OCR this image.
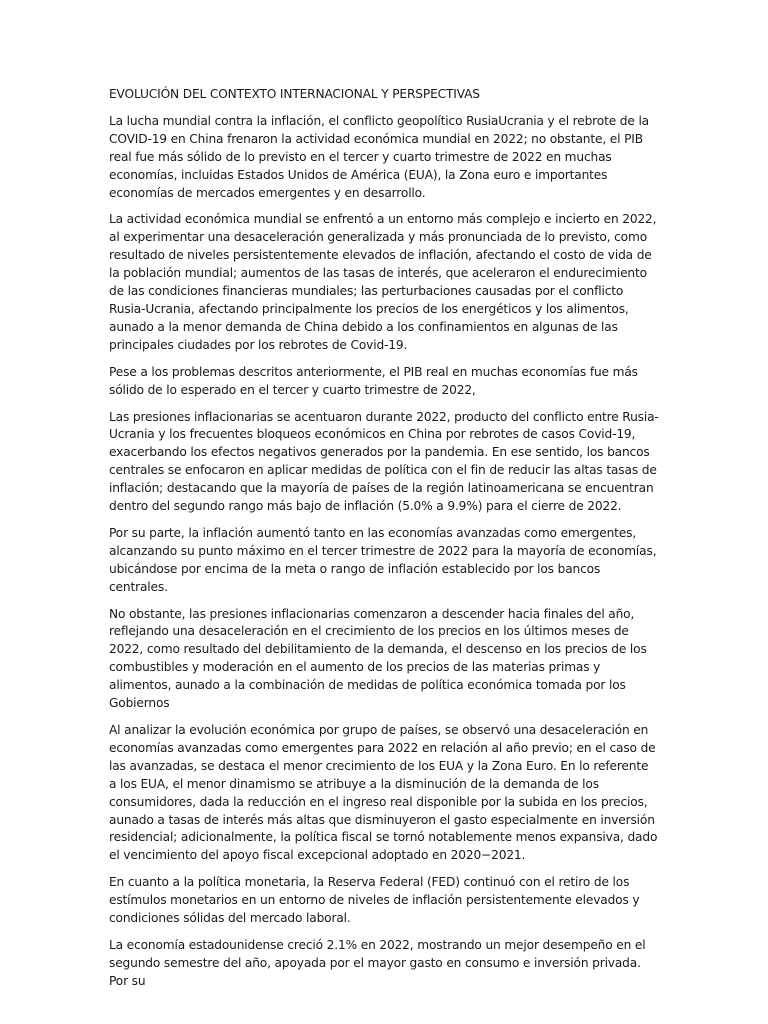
EVOLUCIÓN DEL CONTEXTO INTERNACIONAL Y PERSPECTIVAS

La lucha mundial contra la inflación, el conflicto geopolítico RusiaUcrania y el rebrote de la COVID-19 en China frenaron la actividad económica mundial en 2022; no obstante, el PIB real fue más sólido de lo previsto en el tercer y cuarto trimestre de 2022 en muchas economías, incluidas Estados Unidos de América (EUA), la Zona euro e importantes economías de mercados emergentes y en desarrollo.

La actividad económica mundial se enfrentó a un entorno más complejo e incierto en 2022, al experimentar una desaceleración generalizada y más pronunciada de lo previsto, como resultado de niveles persistentemente elevados de inflación, afectando el costo de vida de la población mundial; aumentos de las tasas de interés, que aceleraron el endurecimiento de las condiciones financieras mundiales; las perturbaciones causadas por el conflicto Rusia-Ucrania, afectando principalmente los precios de los energéticos y los alimentos, aunado a la menor demanda de China debido a los confinamientos en algunas de las principales ciudades por los rebrotes de Covid-19.

Pese a los problemas descritos anteriormente, el PIB real en muchas economías fue más sólido de lo esperado en el tercer y cuarto trimestre de 2022,

Las presiones inflacionarias se acentuaron durante 2022, producto del conflicto entre Rusia-Ucrania y los frecuentes bloqueos económicos en China por rebrotes de casos Covid-19, exacerbando los efectos negativos generados por la pandemia. En ese sentido, los bancos centrales se enfocaron en aplicar medidas de política con el fin de reducir las altas tasas de inflación; destacando que la mayoría de países de la región latinoamericana se encuentran dentro del segundo rango más bajo de inflación (5.0% a 9.9%) para el cierre de 2022.

Por su parte, la inflación aumentó tanto en las economías avanzadas como emergentes, alcanzando su punto máximo en el tercer trimestre de 2022 para la mayoría de economías, ubicándose por encima de la meta o rango de inflación establecido por los bancos centrales.

No obstante, las presiones inflacionarias comenzaron a descender hacia finales del año, reflejando una desaceleración en el crecimiento de los precios en los últimos meses de 2022, como resultado del debilitamiento de la demanda, el descenso en los precios de los combustibles y moderación en el aumento de los precios de las materias primas y alimentos, aunado a la combinación de medidas de política económica tomada por los Gobiernos

Al analizar la evolución económica por grupo de países, se observó una desaceleración en economías avanzadas como emergentes para 2022 en relación al año previo; en el caso de las avanzadas, se destaca el menor crecimiento de los EUA y la Zona Euro. En lo referente a los EUA, el menor dinamismo se atribuye a la disminución de la demanda de los consumidores, dada la reducción en el ingreso real disponible por la subida en los precios, aunado a tasas de interés más altas que disminuyeron el gasto especialmente en inversión residencial; adicionalmente, la política fiscal se tornó notablemente menos expansiva, dado el vencimiento del apoyo fiscal excepcional adoptado en 2020−2021.

En cuanto a la política monetaria, la Reserva Federal (FED) continuó con el retiro de los estímulos monetarios en un entorno de niveles de inflación persistentemente elevados y condiciones sólidas del mercado laboral.

La economía estadounidense creció 2.1% en 2022, mostrando un mejor desempeño en el segundo semestre del año, apoyada por el mayor gasto en consumo e inversión privada. Por su
